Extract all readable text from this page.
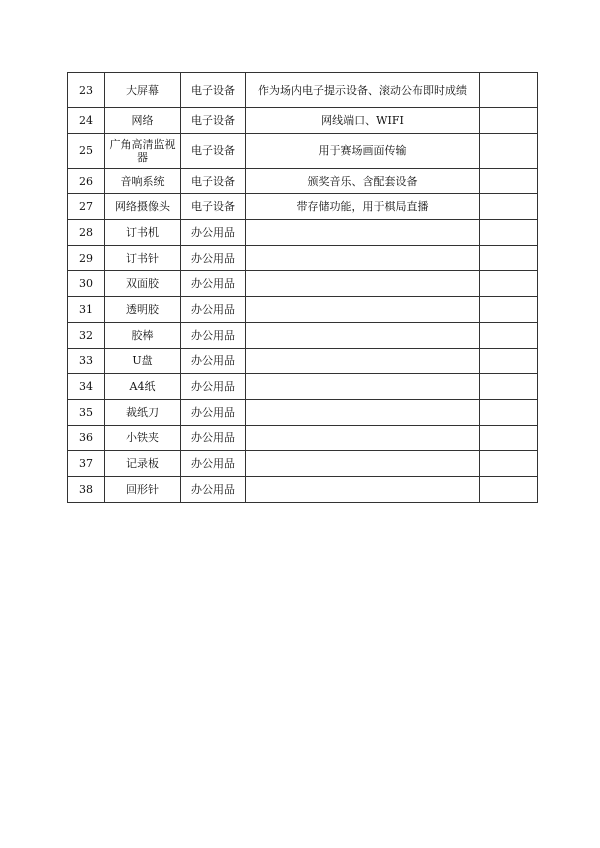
23	大屏幕	电子设备	作为场内电子提示设备、滚动公布即时成绩	
24	网络	电子设备	网线端口、WIFI	
25	广角高清监视器	电子设备	用于赛场画面传输	
26	音响系统	电子设备	颁奖音乐、含配套设备	
27	网络摄像头	电子设备	带存储功能，用于棋局直播	
28	订书机	办公用品		
29	订书针	办公用品		
30	双面胶	办公用品		
31	透明胶	办公用品		
32	胶棒	办公用品		
33	U盘	办公用品		
34	A4纸	办公用品		
35	裁纸刀	办公用品		
36	小铁夹	办公用品		
37	记录板	办公用品		
38	回形针	办公用品		
